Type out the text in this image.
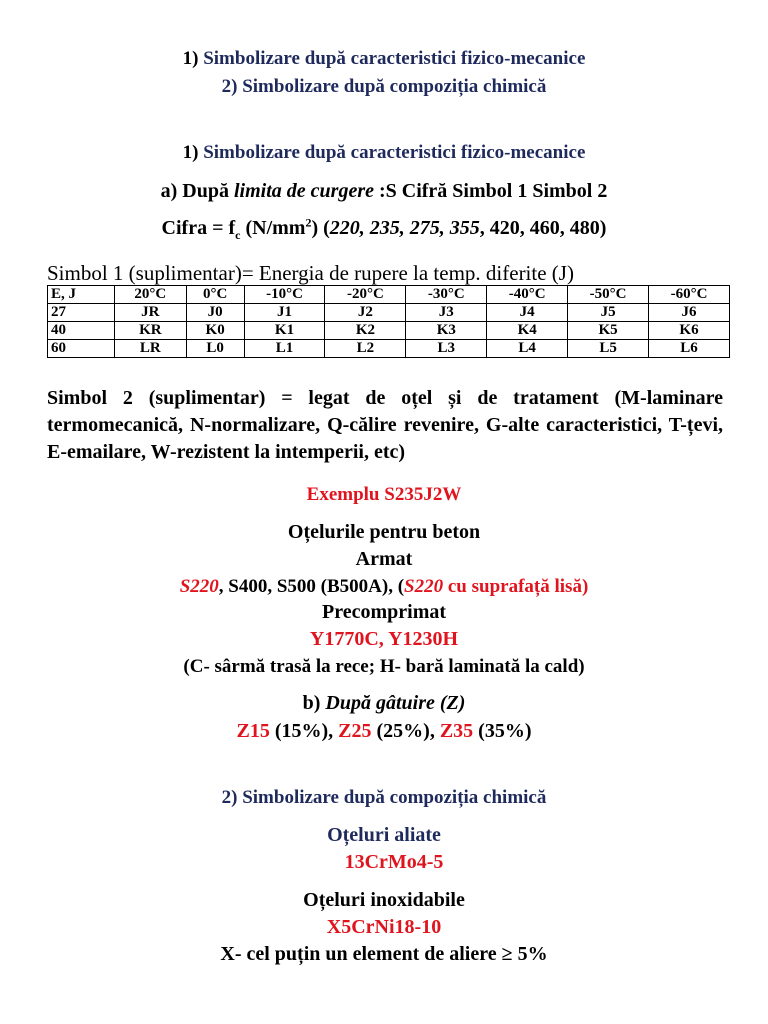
1) Simbolizare după caracteristici fizico-mecanice
2) Simbolizare după compoziția chimică
1) Simbolizare după caracteristici fizico-mecanice
a) După limita de curgere :S Cifră Simbol 1 Simbol 2
Cifra = $f_c$ $(N/mm^2)$ (220, 235, 275, 355, 420, 460, 480)
Simbol 1 (suplimentar)= Energia de rupere la temp. diferite (J)
E, J	20°C	0°C	-10°C	-20°C	-30°C	-40°C	-50°C	-60°C
27	JR	J0	J1	J2	J3	J4	J5	J6
40	KR	K0	K1	K2	K3	K4	K5	K6
60	LR	L0	L1	L2	L3	L4	L5	L6
Simbol 2 (suplimentar) = legat de oțel și de tratament (M-laminare termomecanică, N-normalizare, Q-călire revenire, G-alte caracteristici, T-țevi, E-emailare, W-rezistent la intemperii, etc)
Exemplu S235J2W
Oțelurile pentru beton
Armat
S220, S400, S500 (B500A), (S220 cu suprafață lisă)
Precomprimat
Y1770C, Y1230H
(C- sârmă trasă la rece; H- bară laminată la cald)
b) După gâtuire (Z)
Z15 (15%), Z25 (25%), Z35 (35%)
2) Simbolizare după compoziția chimică
Oțeluri aliate
13CrMo4-5
Oțeluri inoxidabile
X5CrNi18-10
X- cel puțin un element de aliere ≥ 5%
